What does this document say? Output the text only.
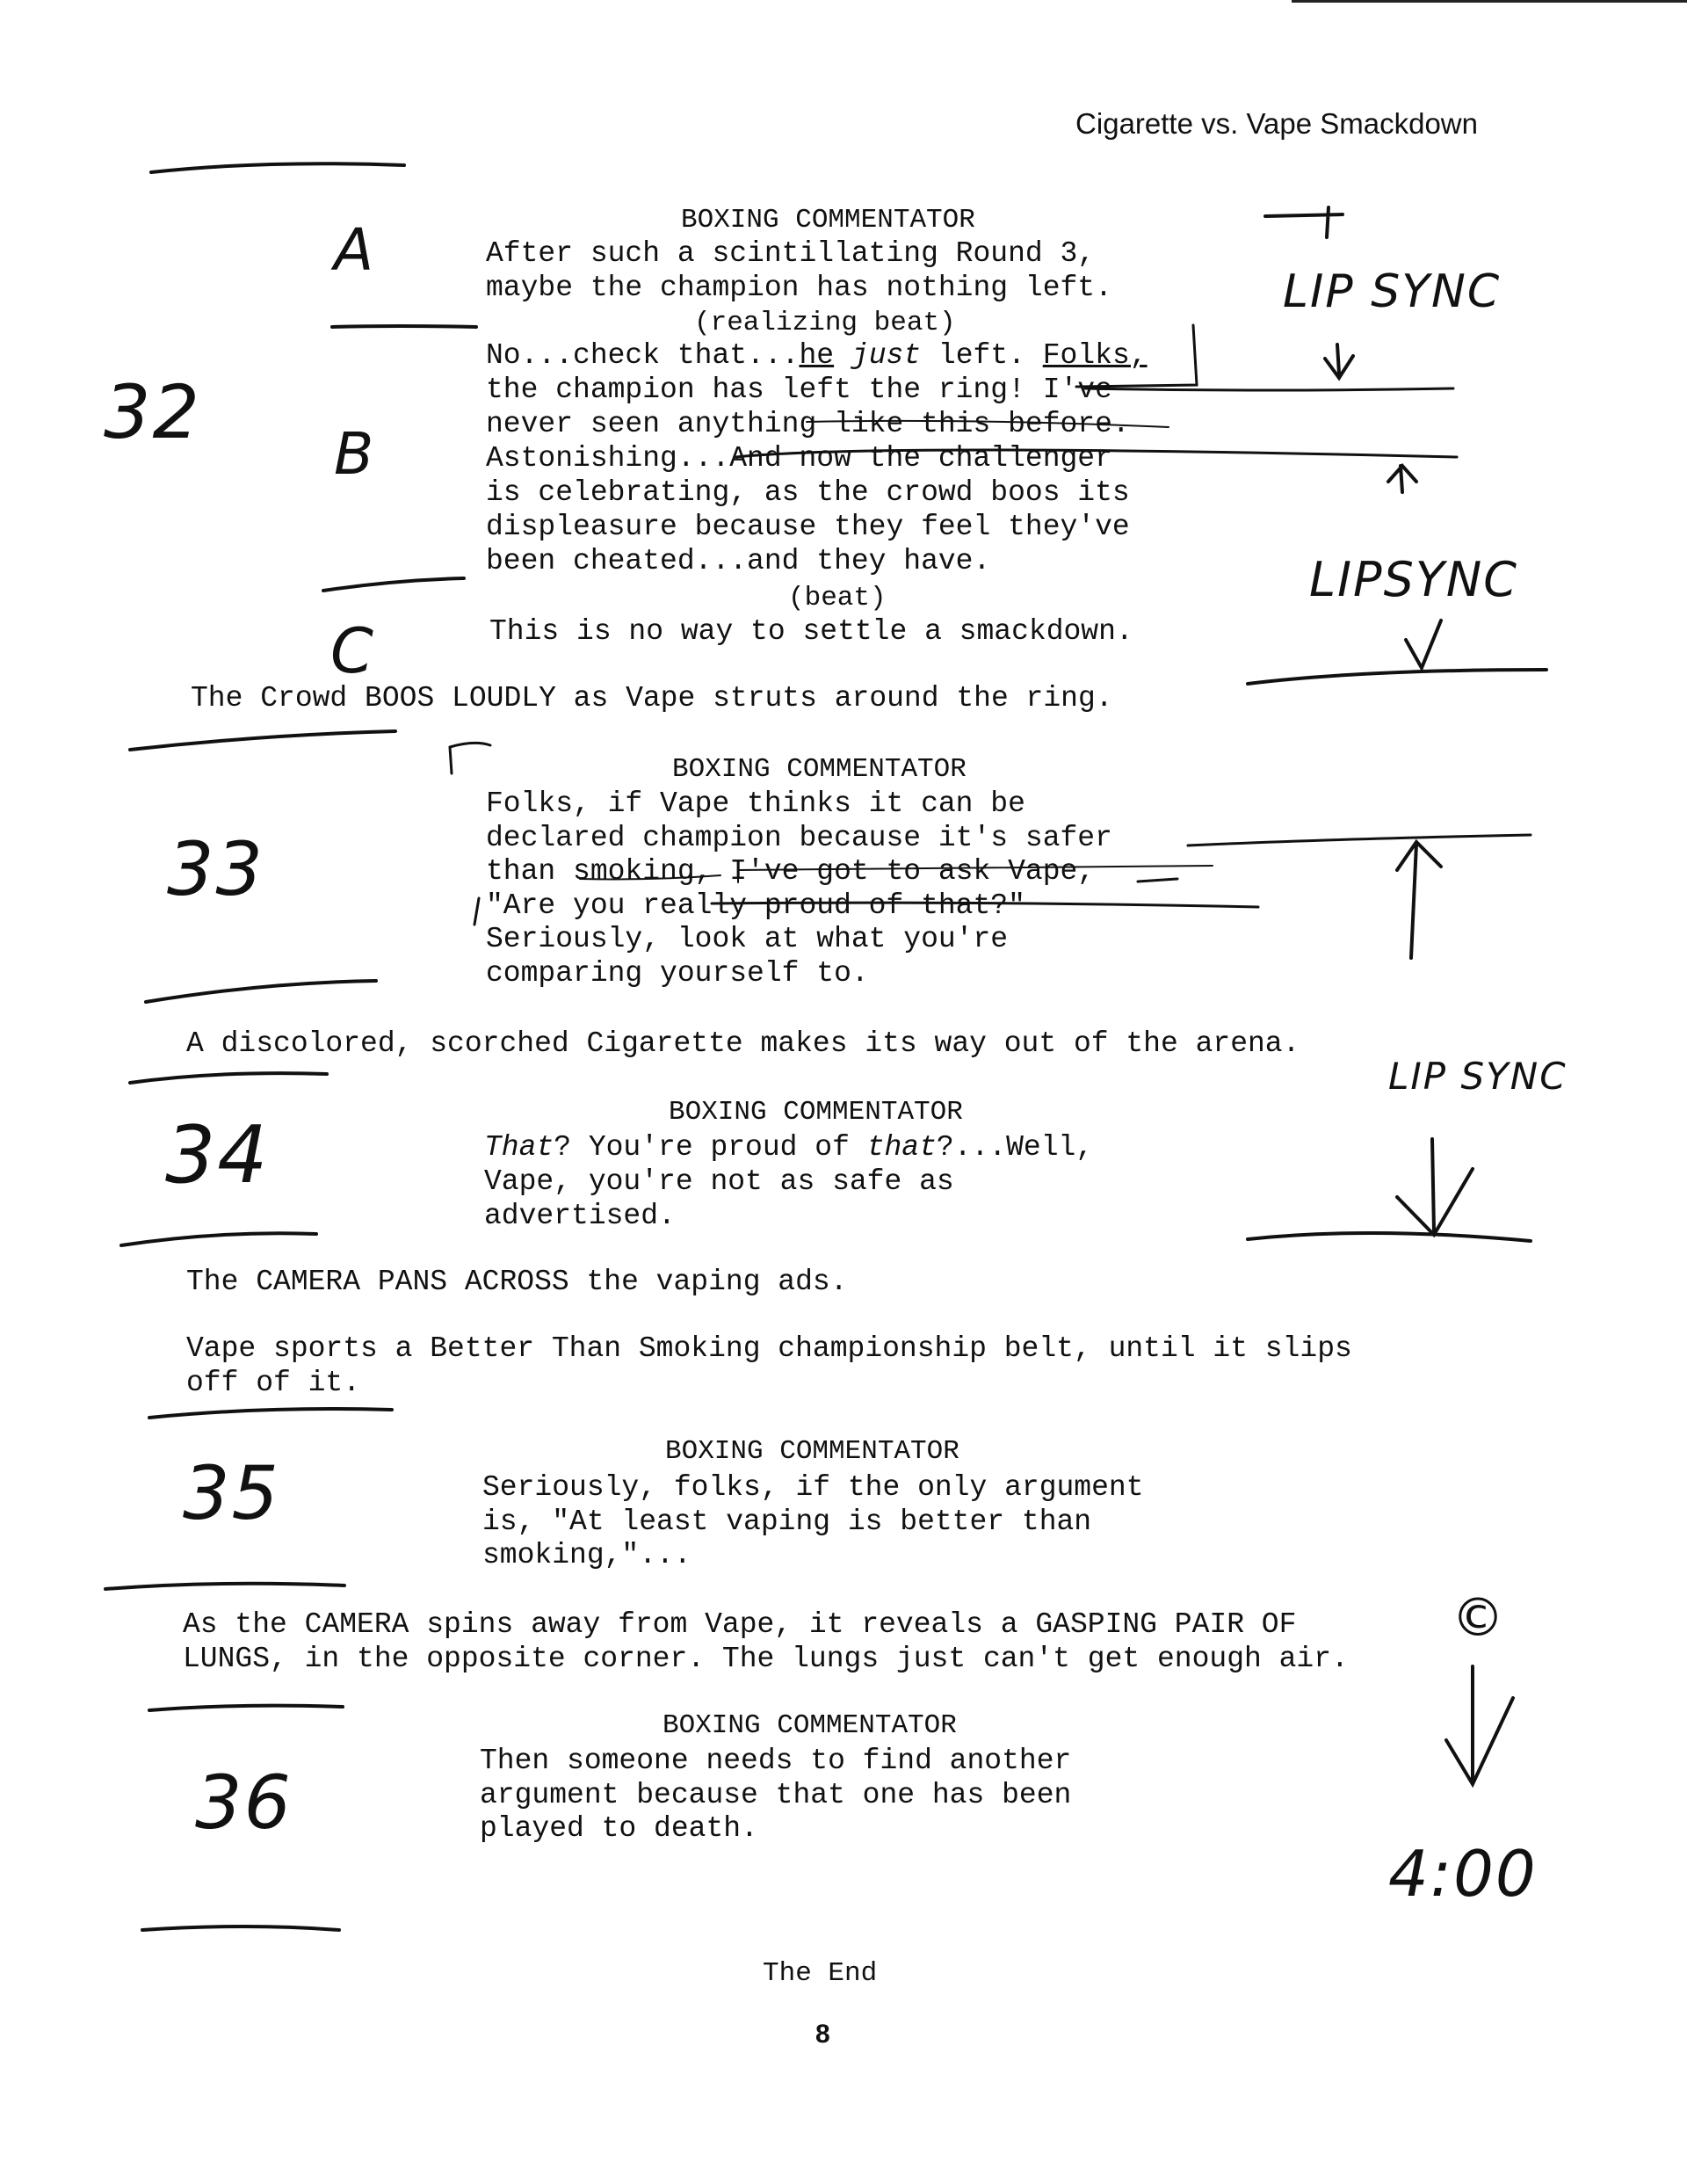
Cigarette vs. Vape Smackdown
BOXING COMMENTATOR
After such a scintillating Round 3,
maybe the champion has nothing left.
(realizing beat)
No...check that...he just left. Folks,
the champion has left the ring! I've
never seen anything like this before.
Astonishing...And now the challenger
is celebrating, as the crowd boos its
displeasure because they feel they've
been cheated...and they have.
(beat)
This is no way to settle a smackdown.
The Crowd BOOS LOUDLY as Vape struts around the ring.
BOXING COMMENTATOR
Folks, if Vape thinks it can be
declared champion because it's safer
than smoking, I've got to ask Vape,
"Are you really proud of that?"
Seriously, look at what you're
comparing yourself to.
A discolored, scorched Cigarette makes its way out of the arena.
BOXING COMMENTATOR
That? You're proud of that?...Well,
Vape, you're not as safe as
advertised.
The CAMERA PANS ACROSS the vaping ads.
Vape sports a Better Than Smoking championship belt, until it slips
off of it.
BOXING COMMENTATOR
Seriously, folks, if the only argument
is, "At least vaping is better than
smoking,"...
As the CAMERA spins away from Vape, it reveals a GASPING PAIR OF
LUNGS, in the opposite corner. The lungs just can't get enough air.
BOXING COMMENTATOR
Then someone needs to find another
argument because that one has been
played to death.
The End
8
32
33
34
35
36
A
B
C
LIP SYNC
LIPSYNC
LIP SYNC
©
4:00
